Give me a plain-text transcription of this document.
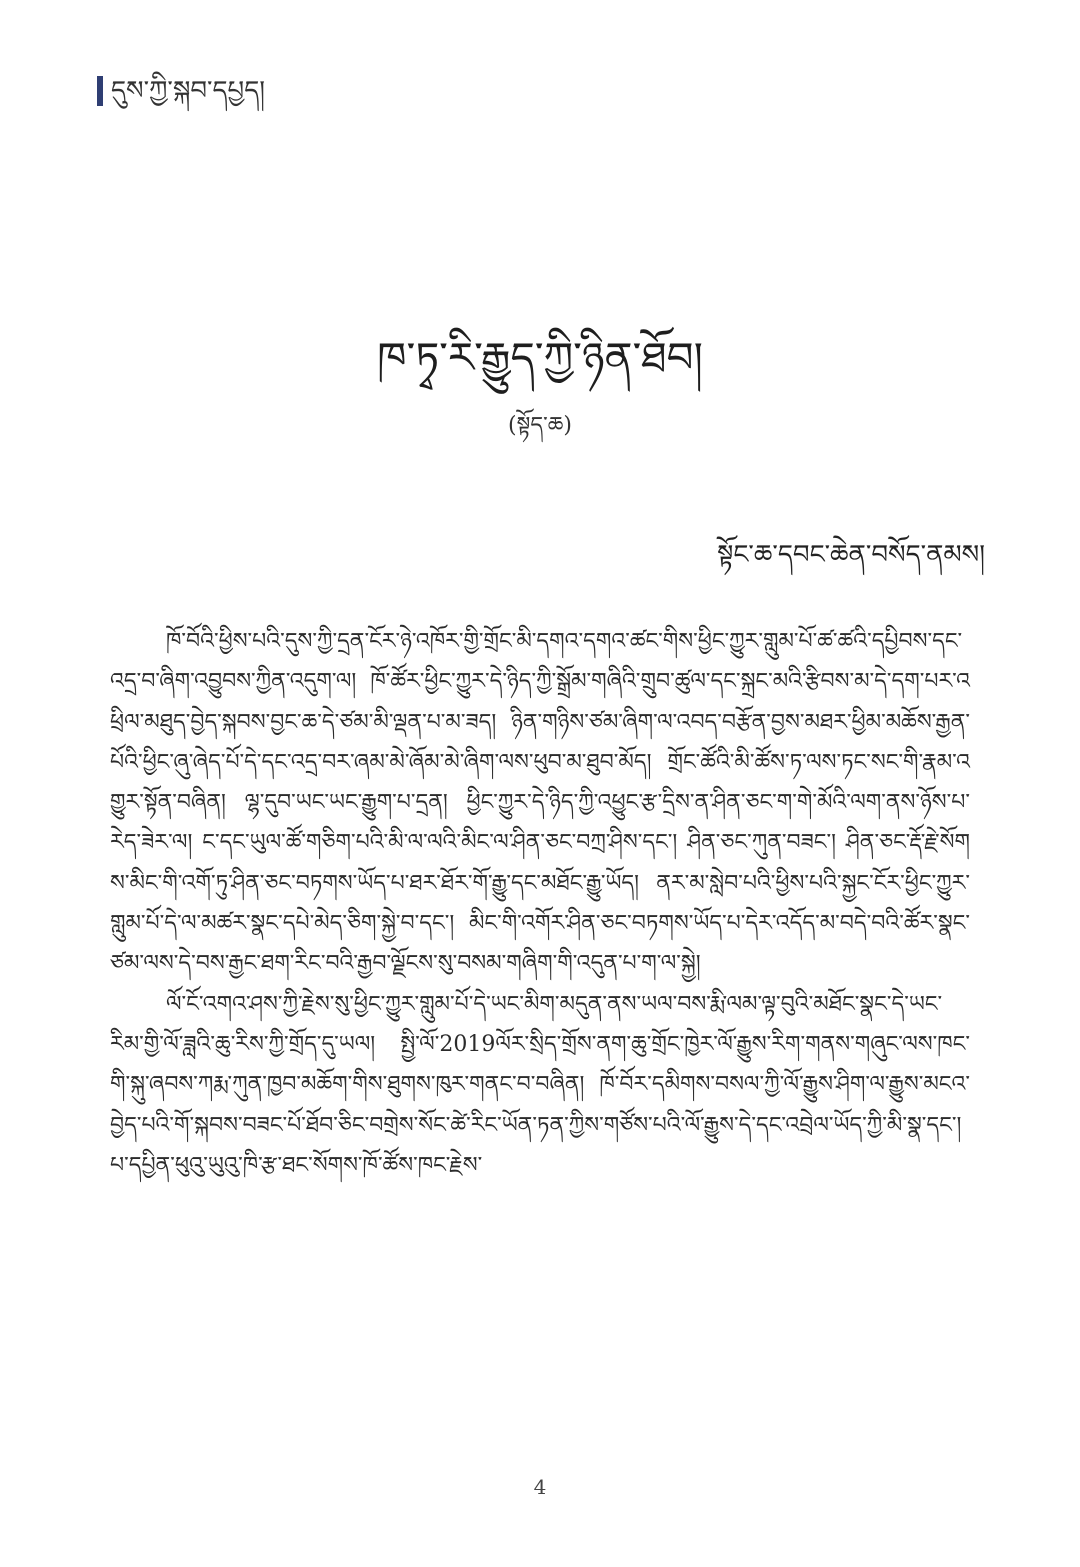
དུས་ཀྱི་སྐབ་དཔྱད།
ཁ་ཏྭ་རི་རྒྱུད་ཀྱི་ཉིན་ཐོབ།
(སྟོད་ཆ)
སྟོང་ཆ་དབང་ཆེན་བསོད་ནམས།

ཁོ་བོའི་ཕྱིས་པའི་དུས་ཀྱི་དྲན་ངོར་ཉེ་འཁོར་གྱི་གྲོང་མི་དགའ་དགའ་ཚང་གིས་ཕྱིང་ཀྱུར་གླུམ་པོ་ཚ་ཚའི་དཔྱིབས་དང་འདྲ་བ་ཞིག་འབྱུབས་ཀྱིན་འདུག་ལ། ཁོ་ཚོར་ཕྱིང་ཀྱུར་དེ་ཉིད་ཀྱི་སྒྲོམ་གཞིའི་གྲུབ་ཚུལ་དང་སྐྲང་མའི་རྩིབས་མ་དེ་དག་པར་འཕྲིལ་མཐུད་བྱེད་སྐབས་བྱང་ཆ་དེ་ཙམ་མི་ལྡན་པ་མ་ཟད། ཉིན་གཉིས་ཙམ་ཞིག་ལ་འབད་བརྩོན་བྱས་མཐར་ཕྱིམ་མཆོས་རྒྱན་པོའི་ཕྱིང་ཞུ་ཞེད་པོ་དེ་དང་འདྲ་བར་ཞམ་མེ་ཞོམ་མེ་ཞིག་ལས་ཕུབ་མ་ཐུབ་མོད། གྲོང་ཚོའི་མི་ཚོས་ཏ་ལས་ཏང་སང་གི་རྣམ་འགྱུར་སྟོན་བཞིན། ལྷ་དུབ་ཡང་ཡང་རྒྱུག་པ་དྲན། ཕྱིང་ཀྱུར་དེ་ཉིད་ཀྱི་འཕྱུང་རྩ་དྲིས་ན་ཤིན་ཅང་ག་གེ་མོའི་ལག་ནས་ཉོས་པ་རེད་ཟེར་ལ། ང་དང་ཡུལ་ཚོ་གཅིག་པའི་མི་ལ་ལའི་མིང་ལ་ཤིན་ཅང་བཀྲ་ཤིས་དང་། ཤིན་ཅང་ཀུན་བཟང་། ཤིན་ཅང་རྡོ་རྗེ་སོགས་མིང་གི་འགོ་ཏུ་ཤིན་ཅང་བཏགས་ཡོད་པ་ཐར་ཐོར་གོ་རྒྱུ་དང་མཐོང་རྒྱུ་ཡོད། ནར་མ་སླེབ་པའི་ཕྱིས་པའི་སྐྱང་ངོར་ཕྱིང་ཀྱུར་གླུམ་པོ་དེ་ལ་མཚར་སྣང་དཔེ་མེད་ཅིག་སྐྱེ་བ་དང་། མིང་གི་འགོར་ཤིན་ཅང་བཏགས་ཡོད་པ་དེར་འདོད་མ་བདེ་བའི་ཚོར་སྣང་ཙམ་ལས་དེ་བས་རྒྱང་ཐག་རིང་བའི་རྒྱབ་ལྗོངས་སུ་བསམ་གཞིག་གི་འདུན་པ་ག་ལ་སྐྱེ།

ལོ་ངོ་འགའ་ཤས་ཀྱི་རྗེས་སུ་ཕྱིང་ཀྱུར་གླུམ་པོ་དེ་ཡང་མིག་མདུན་ནས་ཡལ་བས་རྨི་ལམ་ལྟ་བུའི་མཐོང་སྣང་དེ་ཡང་རིམ་གྱི་ལོ་ཟླའི་ཆུ་རིས་ཀྱི་གྲོད་དུ་ཡལ། སྤྱི་ལོ་2019ལོར་སྲིད་གྲོས་ནག་ཆུ་གྲོང་ཁྱེར་ལོ་རྒྱུས་རིག་གནས་གཞུང་ལས་ཁང་གི་སྐུ་ཞབས་ཀརྨ་ཀུན་ཁྱབ་མཆོག་གིས་ཐུགས་ཁུར་གནང་བ་བཞིན། ཁོ་བོར་དམིགས་བསལ་ཀྱི་ལོ་རྒྱུས་ཤིག་ལ་རྒྱུས་མངའ་བྱེད་པའི་གོ་སྐབས་བཟང་པོ་ཐོབ་ཅིང་བགྲེས་སོང་ཚེ་རིང་ཡོན་ཏན་ཀྱིས་གཙོས་པའི་ལོ་རྒྱུས་དེ་དང་འབྲེལ་ཡོད་ཀྱི་མི་སྣ་དང་། པ་དཔྱིན་ཕུའུ་ཡུའུ་ཁི་རྩ་ཐང་སོགས་ཁོ་ཚོས་ཁང་རྗེས་

4
